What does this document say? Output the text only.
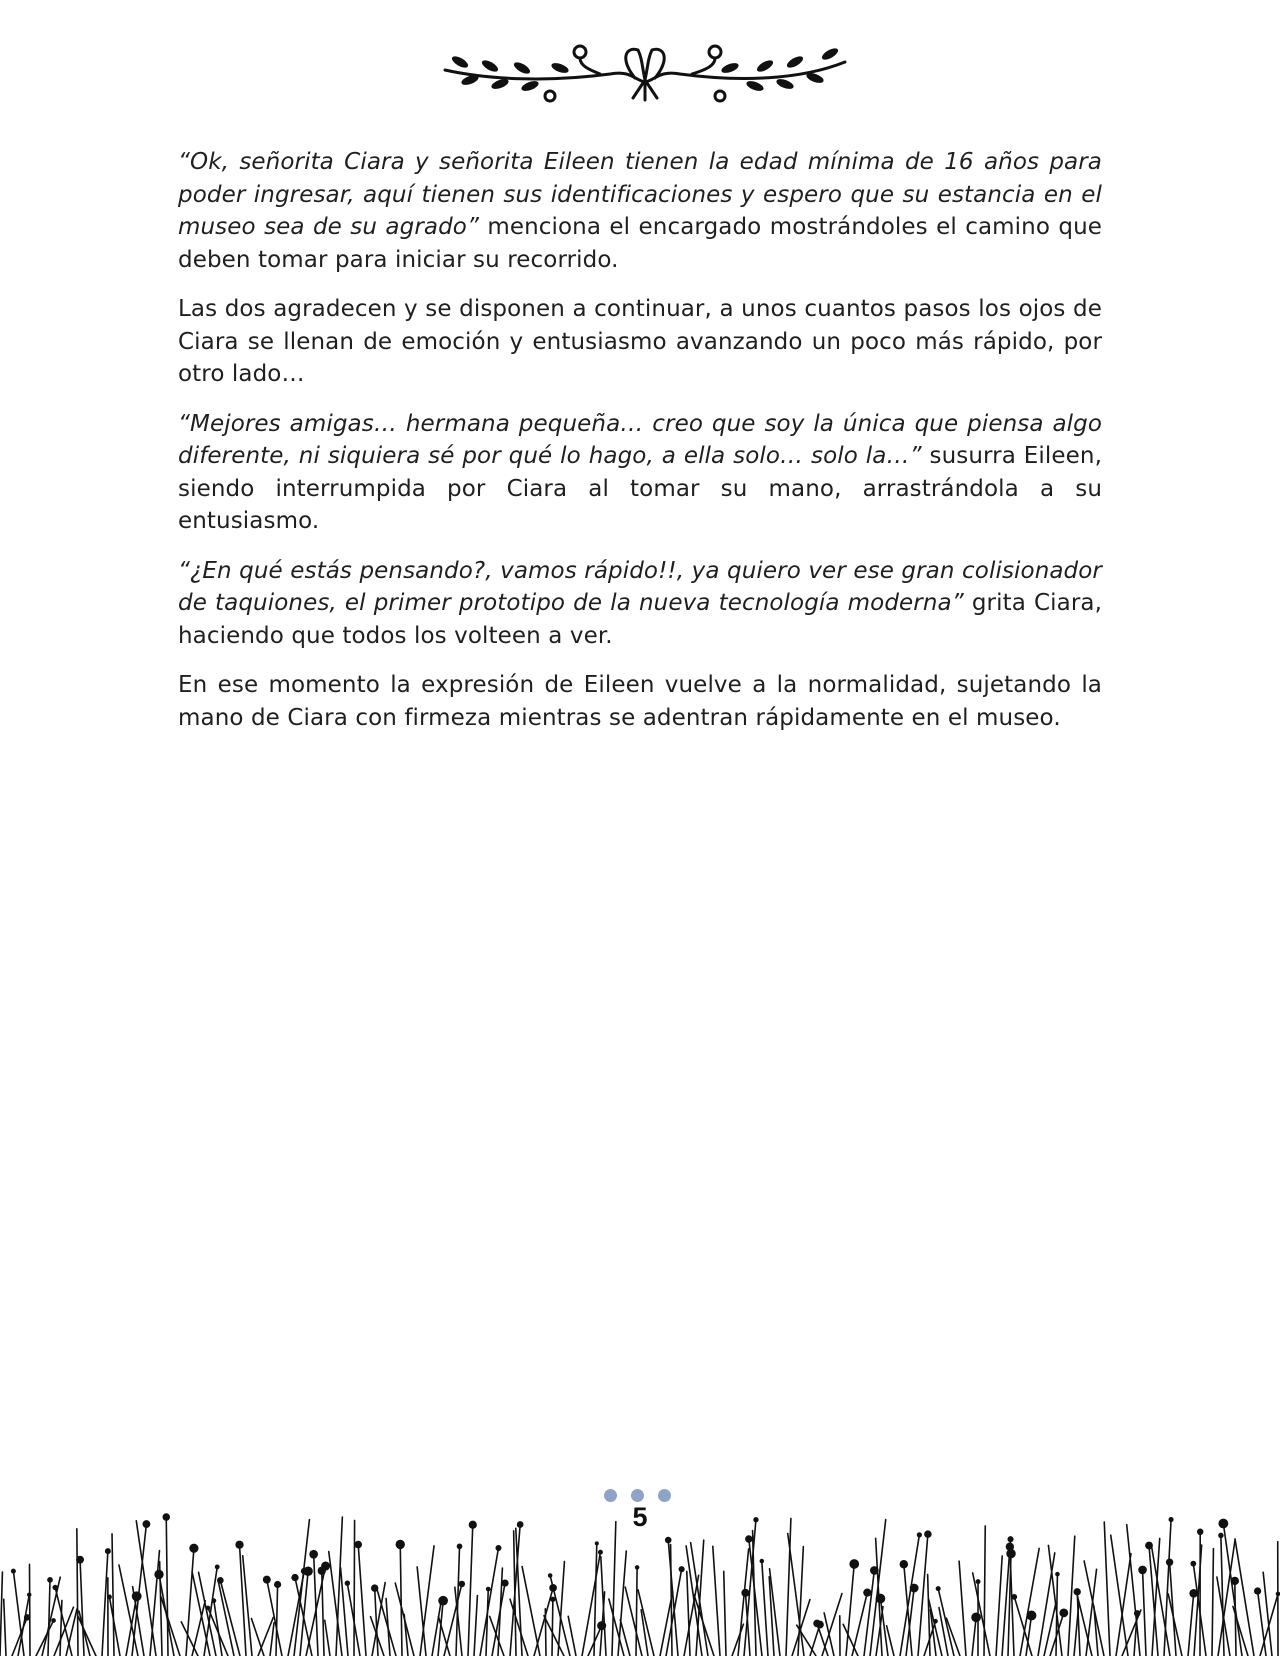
“Ok, señorita Ciara y señorita Eileen tienen la edad mínima de 16 años para poder ingresar, aquí tienen sus identificaciones y espero que su estancia en el museo sea de su agrado” menciona el encargado mostrándoles el camino que deben tomar para iniciar su recorrido.

Las dos agradecen y se disponen a continuar, a unos cuantos pasos los ojos de Ciara se llenan de emoción y entusiasmo avanzando un poco más rápido, por otro lado…

“Mejores amigas… hermana pequeña… creo que soy la única que piensa algo diferente, ni siquiera sé por qué lo hago, a ella solo… solo la…” susurra Eileen, siendo interrumpida por Ciara al tomar su mano, arrastrándola a su entusiasmo.

“¿En qué estás pensando?, vamos rápido!!, ya quiero ver ese gran colisionador de taquiones, el primer prototipo de la nueva tecnología moderna” grita Ciara, haciendo que todos los volteen a ver.

En ese momento la expresión de Eileen vuelve a la normalidad, sujetando la mano de Ciara con firmeza mientras se adentran rápidamente en el museo.

5
